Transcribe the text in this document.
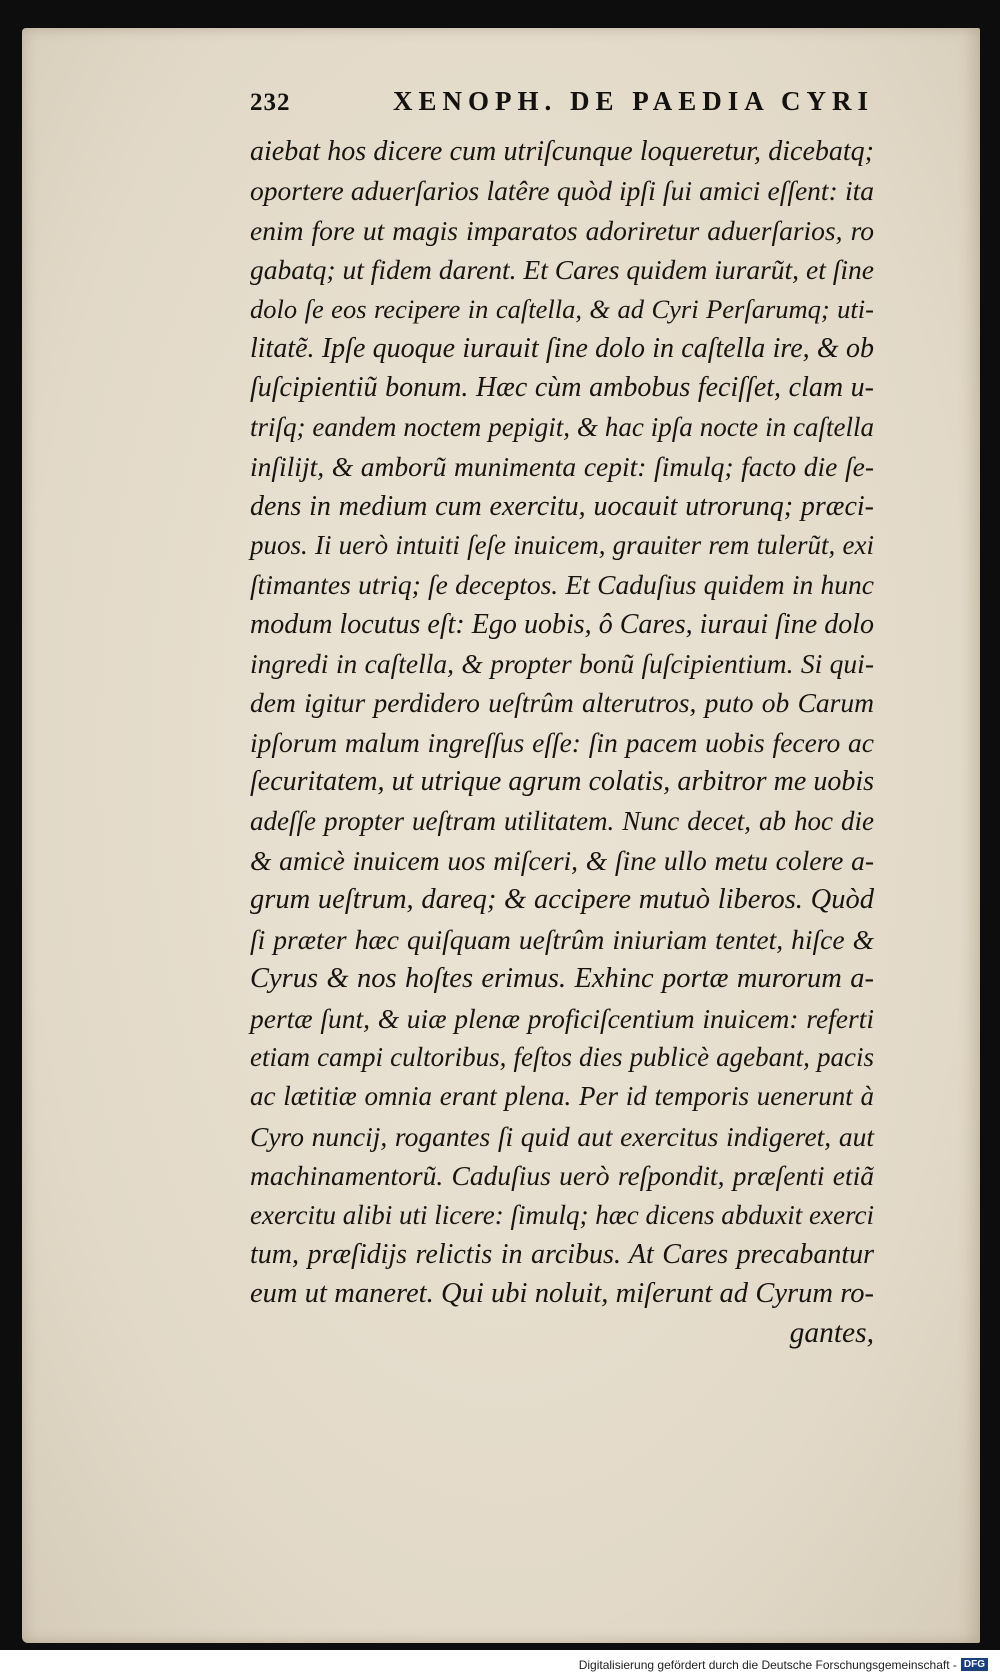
232	XENOPH. DE PAEDIA CYRI
aiebat hos dicere cum utriſcunque loqueretur, dicebatq;
oportere aduerſarios latêre quòd ipſi ſui amici eſſent: ita
enim fore ut magis imparatos adoriretur aduerſarios, ro
gabatq; ut fidem darent. Et Cares quidem iurarũt, et ſine
dolo ſe eos recipere in caſtella, & ad Cyri Perſarumq; uti-
litatẽ. Ipſe quoque iurauit ſine dolo in caſtella ire, & ob
ſuſcipientiũ bonum. Hæc cùm ambobus feciſſet, clam u-
triſq; eandem noctem pepigit, & hac ipſa nocte in caſtella
inſilijt, & amborũ munimenta cepit: ſimulq; facto die ſe-
dens in medium cum exercitu, uocauit utrorunq; præci-
puos. Ii uerò intuiti ſeſe inuicem, grauiter rem tulerũt, exi
ſtimantes utriq; ſe deceptos. Et Caduſius quidem in hunc
modum locutus eſt: Ego uobis, ô Cares, iuraui ſine dolo
ingredi in caſtella, & propter bonũ ſuſcipientium. Si qui-
dem igitur perdidero ueſtrûm alterutros, puto ob Carum
ipſorum malum ingreſſus eſſe: ſin pacem uobis fecero ac
ſecuritatem, ut utrique agrum colatis, arbitror me uobis
adeſſe propter ueſtram utilitatem. Nunc decet, ab hoc die
& amicè inuicem uos miſceri, & ſine ullo metu colere a-
grum ueſtrum, dareq; & accipere mutuò liberos. Quòd
ſi præter hæc quiſquam ueſtrûm iniuriam tentet, hiſce &
Cyrus & nos hoſtes erimus. Exhinc portæ murorum a-
pertæ ſunt, & uiæ plenæ proficiſcentium inuicem: referti
etiam campi cultoribus, feſtos dies publicè agebant, pacis
ac lætitiæ omnia erant plena. Per id temporis uenerunt à
Cyro nuncij, rogantes ſi quid aut exercitus indigeret, aut
machinamentorũ. Caduſius uerò reſpondit, præſenti etiã
exercitu alibi uti licere: ſimulq; hæc dicens abduxit exerci
tum, præſidijs relictis in arcibus. At Cares precabantur
eum ut maneret. Qui ubi noluit, miſerunt ad Cyrum ro-
gantes,
Digitalisierung gefördert durch die Deutsche Forschungsgemeinschaft - DFG
